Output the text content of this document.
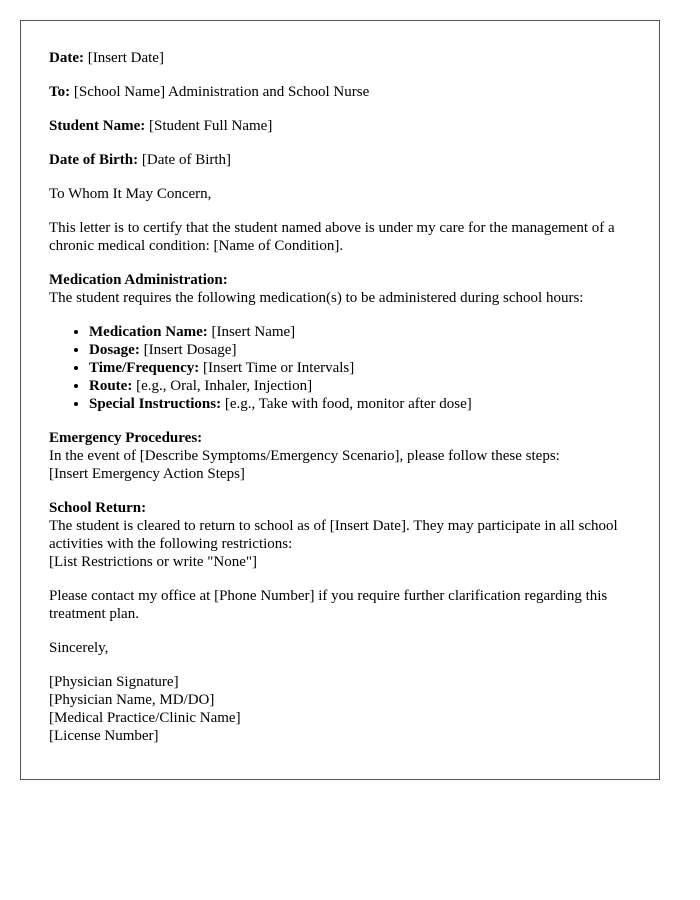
Date: [Insert Date]

To: [School Name] Administration and School Nurse

Student Name: [Student Full Name]

Date of Birth: [Date of Birth]

To Whom It May Concern,

This letter is to certify that the student named above is under my care for the management of a chronic medical condition: [Name of Condition].

Medication Administration:
The student requires the following medication(s) to be administered during school hours:
• Medication Name: [Insert Name]
• Dosage: [Insert Dosage]
• Time/Frequency: [Insert Time or Intervals]
• Route: [e.g., Oral, Inhaler, Injection]
• Special Instructions: [e.g., Take with food, monitor after dose]
Emergency Procedures:
In the event of [Describe Symptoms/Emergency Scenario], please follow these steps:
[Insert Emergency Action Steps]
School Return:
The student is cleared to return to school as of [Insert Date]. They may participate in all school activities with the following restrictions:
[List Restrictions or write "None"]

Please contact my office at [Phone Number] if you require further clarification regarding this treatment plan.

Sincerely,

[Physician Signature]
[Physician Name, MD/DO]
[Medical Practice/Clinic Name]
[License Number]
